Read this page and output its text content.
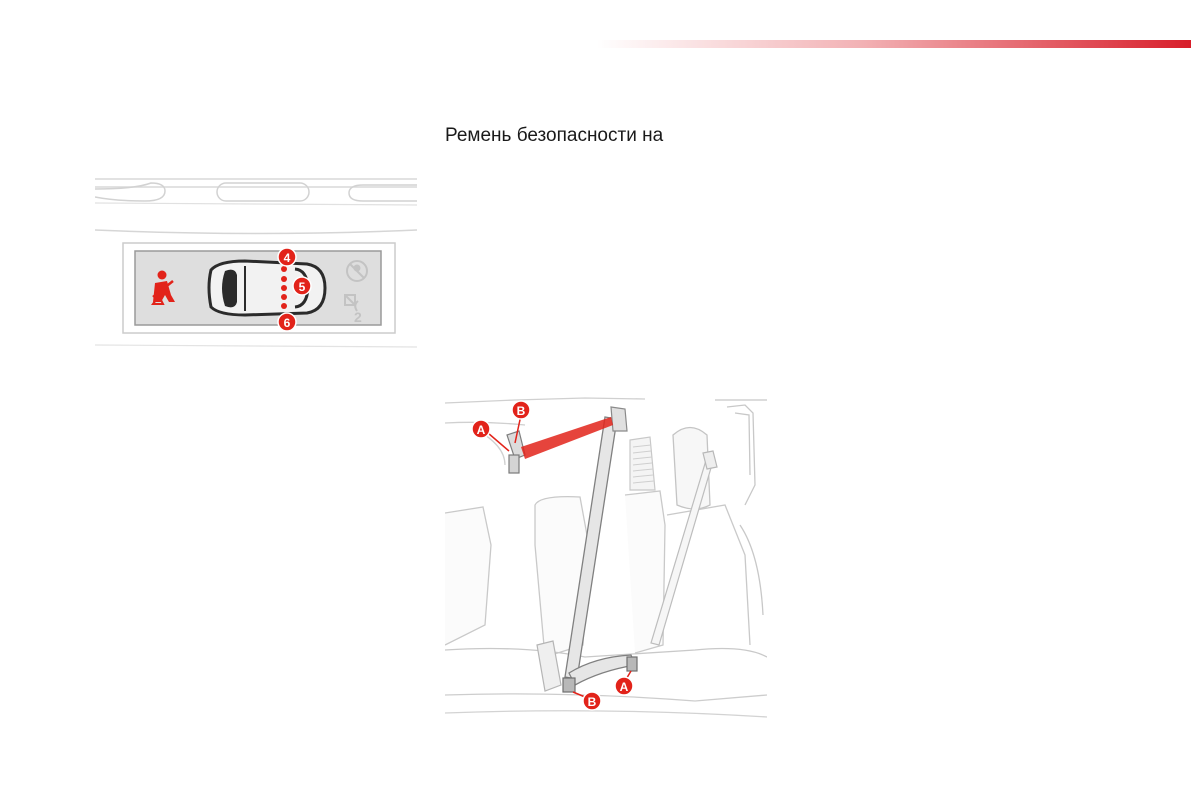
Ремень безопасности на
2
4
5
6
A
B
B
A
